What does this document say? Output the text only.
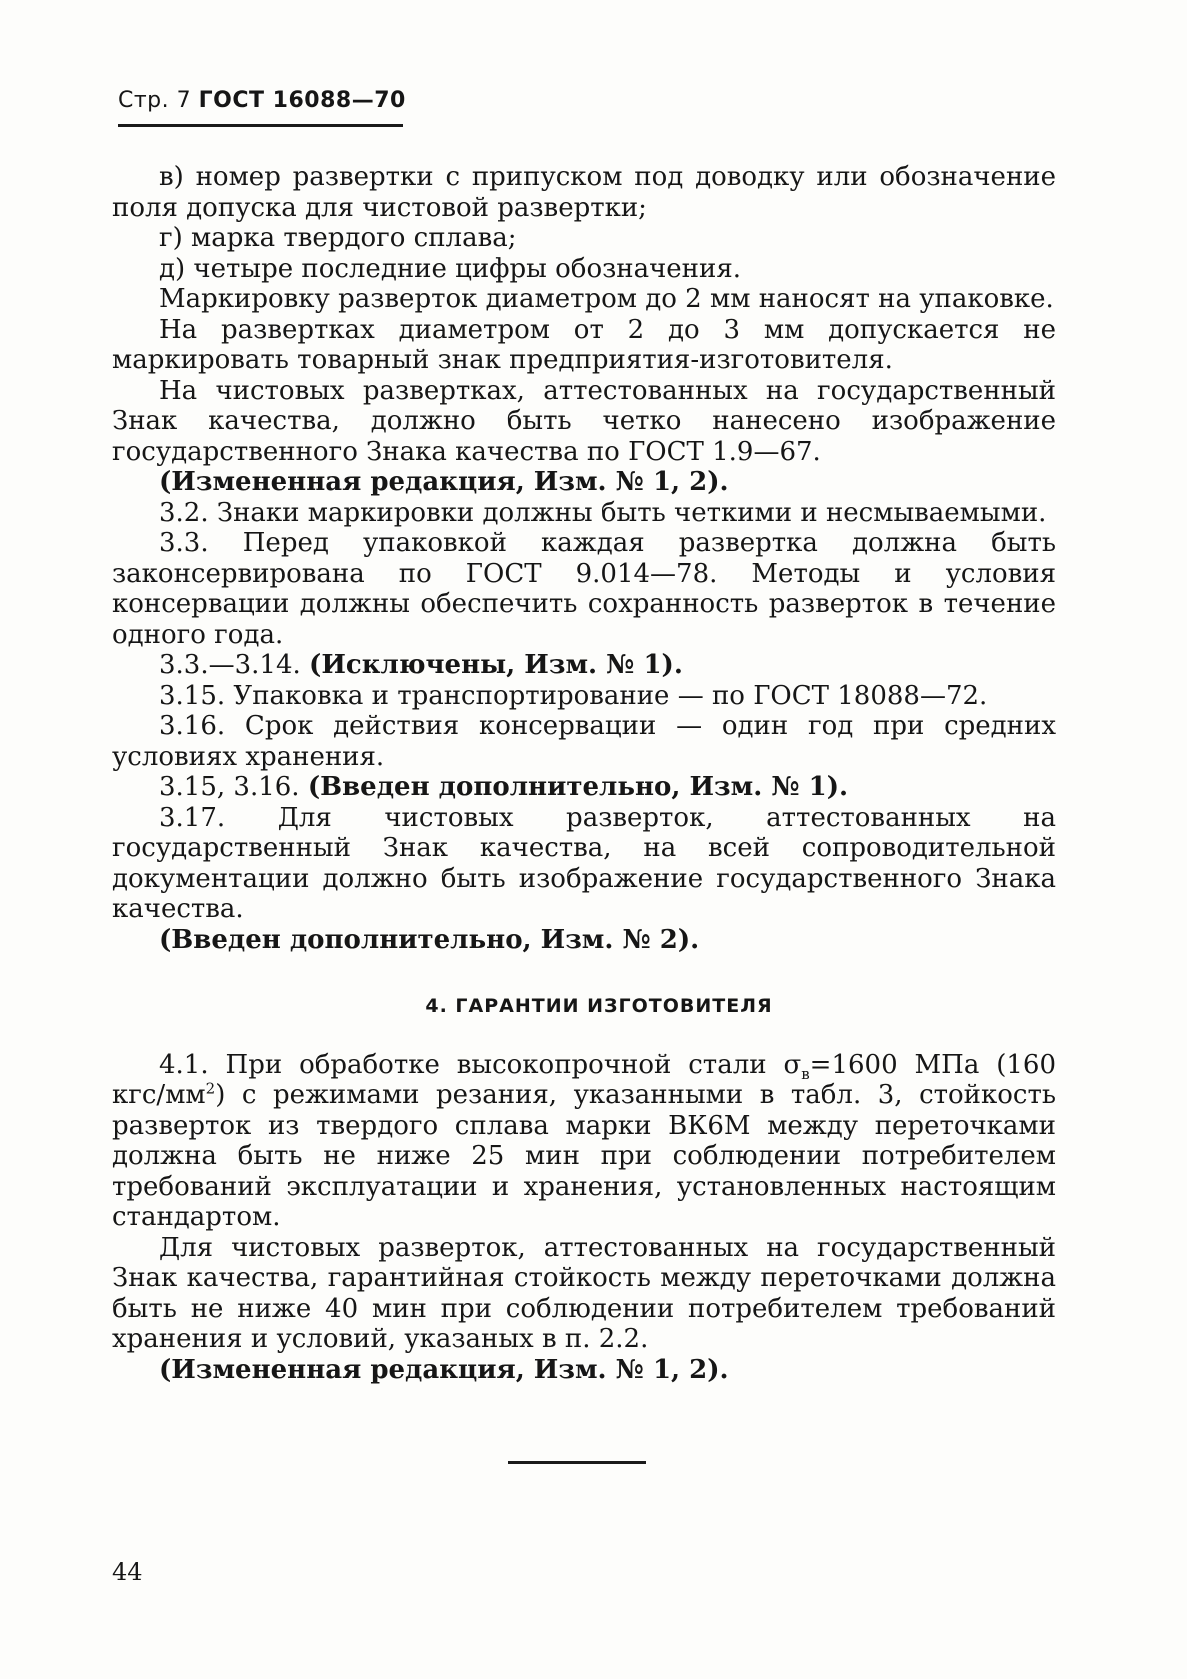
Стр. 7 ГОСТ 16088—70

в) номер развертки с припуском под доводку или обозначение поля допуска для чистовой развертки;

г) марка твердого сплава;

д) четыре последние цифры обозначения.

Маркировку разверток диаметром до 2 мм наносят на упаковке.

На развертках диаметром от 2 до 3 мм допускается не маркировать товарный знак предприятия-изготовителя.

На чистовых развертках, аттестованных на государственный Знак качества, должно быть четко нанесено изображение государственного Знака качества по ГОСТ 1.9—67.

(Измененная редакция, Изм. № 1, 2).

3.2. Знаки маркировки должны быть четкими и несмываемыми.

3.3. Перед упаковкой каждая развертка должна быть законсервирована по ГОСТ 9.014—78. Методы и условия консервации должны обеспечить сохранность разверток в течение одного года.

3.3.—3.14. (Исключены, Изм. № 1).

3.15. Упаковка и транспортирование — по ГОСТ 18088—72.

3.16. Срок действия консервации — один год при средних условиях хранения.

3.15, 3.16. (Введен дополнительно, Изм. № 1).

3.17. Для чистовых разверток, аттестованных на государственный Знак качества, на всей сопроводительной документации должно быть изображение государственного Знака качества.

(Введен дополнительно, Изм. № 2).

4. ГАРАНТИИ ИЗГОТОВИТЕЛЯ

4.1. При обработке высокопрочной стали $\sigma_в=1600$ МПа (160 кгс/$мм^2$) с режимами резания, указанными в табл. 3, стойкость разверток из твердого сплава марки ВК6М между переточками должна быть не ниже 25 мин при соблюдении потребителем требований эксплуатации и хранения, установленных настоящим стандартом.

Для чистовых разверток, аттестованных на государственный Знак качества, гарантийная стойкость между переточками должна быть не ниже 40 мин при соблюдении потребителем требований хранения и условий, указаных в п. 2.2.

(Измененная редакция, Изм. № 1, 2).

44
